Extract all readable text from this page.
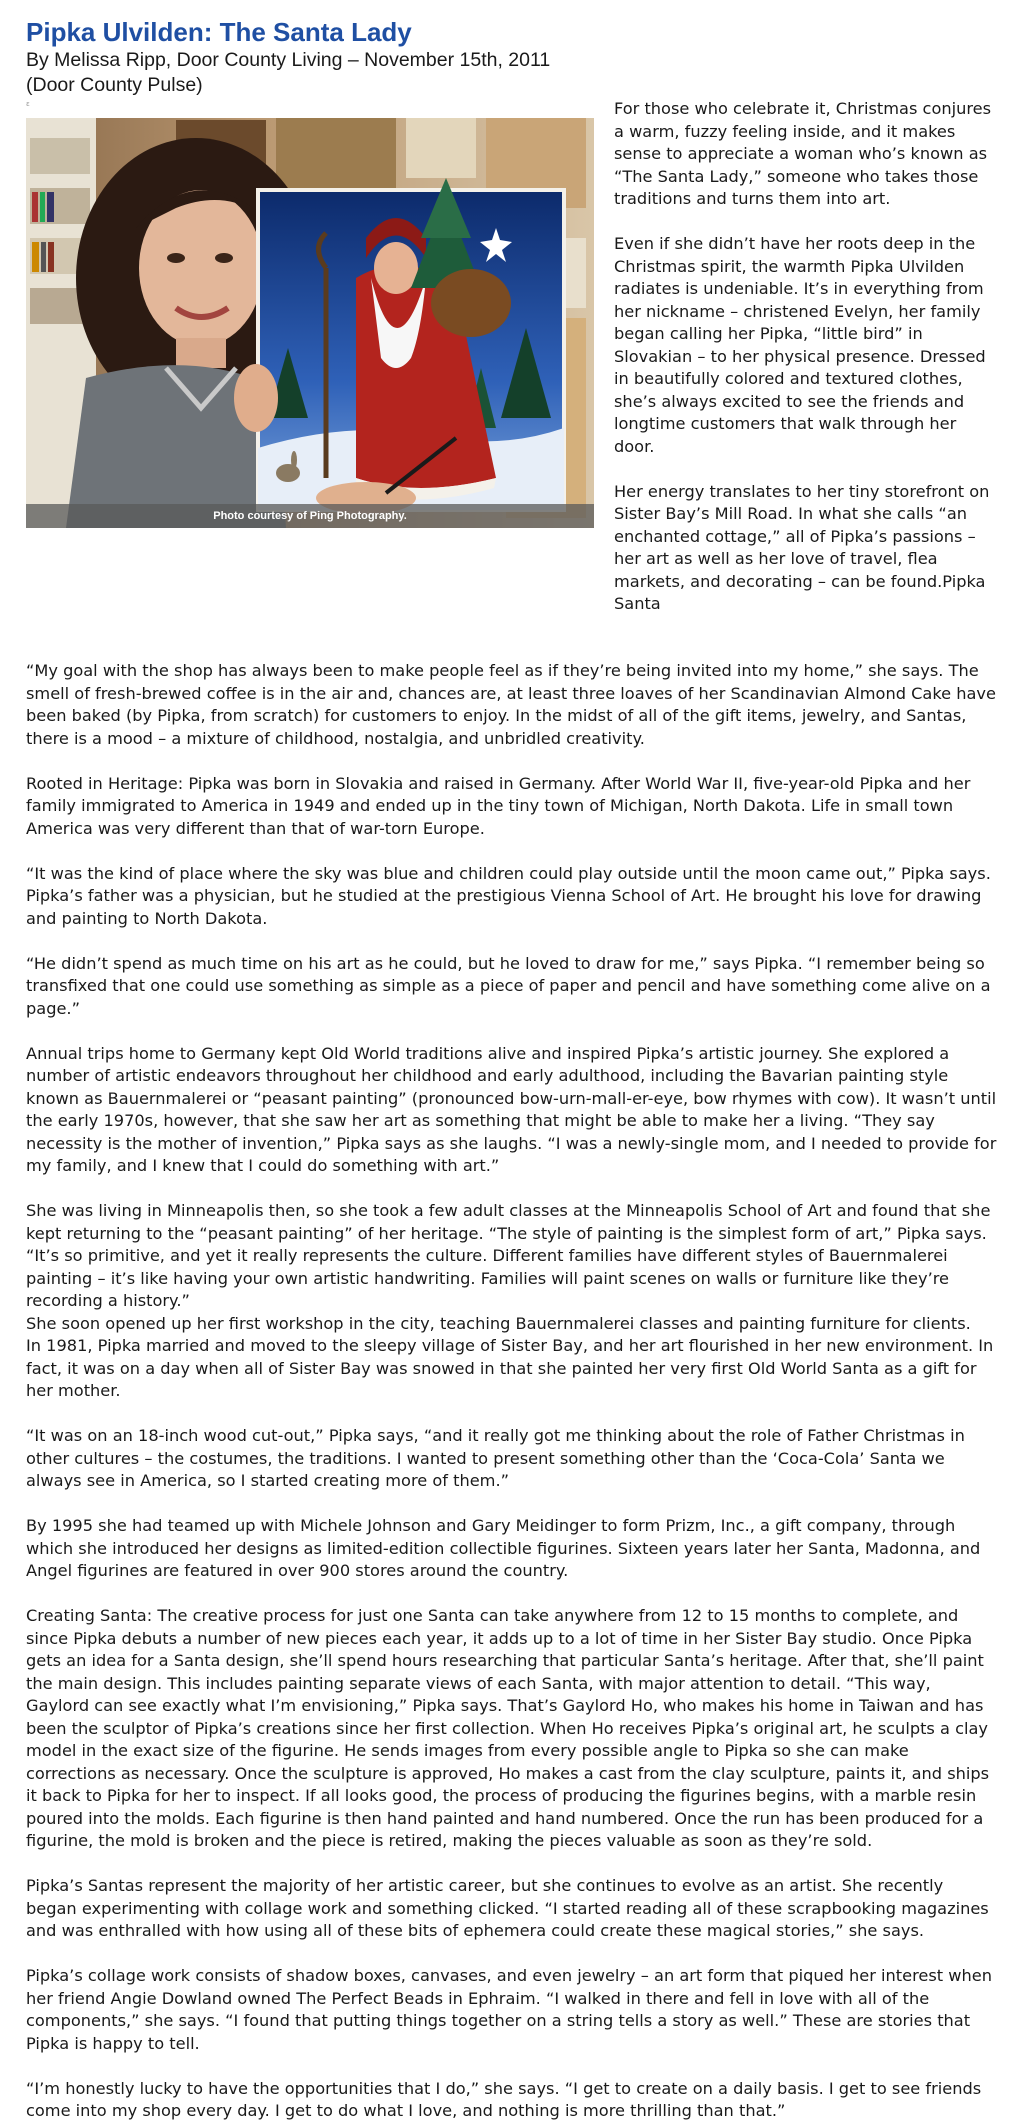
Pipka Ulvilden: The Santa Lady
By Melissa Ripp, Door County Living – November 15th, 2011
(Door County Pulse)
ε
Photo courtesy of Ping Photography.

For those who celebrate it, Christmas conjures a warm, fuzzy feeling inside, and it makes sense to appreciate a woman who’s known as “The Santa Lady,” someone who takes those traditions and turns them into art.

Even if she didn’t have her roots deep in the Christmas spirit, the warmth Pipka Ulvilden radiates is undeniable. It’s in everything from her nickname – christened Evelyn, her family began calling her Pipka, “little bird” in Slovakian – to her physical presence. Dressed in beautifully colored and textured clothes, she’s always excited to see the friends and longtime customers that walk through her door.

Her energy translates to her tiny storefront on Sister Bay’s Mill Road. In what she calls “an enchanted cottage,” all of Pipka’s passions – her art as well as her love of travel, flea markets, and decorating – can be found.Pipka Santa

“My goal with the shop has always been to make people feel as if they’re being invited into my home,” she says. The smell of fresh-brewed coffee is in the air and, chances are, at least three loaves of her Scandinavian Almond Cake have been baked (by Pipka, from scratch) for customers to enjoy. In the midst of all of the gift items, jewelry, and Santas, there is a mood – a mixture of childhood, nostalgia, and unbridled creativity.

Rooted in Heritage: Pipka was born in Slovakia and raised in Germany. After World War II, five-year-old Pipka and her family immigrated to America in 1949 and ended up in the tiny town of Michigan, North Dakota. Life in small town America was very different than that of war-torn Europe.

“It was the kind of place where the sky was blue and children could play outside until the moon came out,” Pipka says. Pipka’s father was a physician, but he studied at the prestigious Vienna School of Art. He brought his love for drawing and painting to North Dakota.

“He didn’t spend as much time on his art as he could, but he loved to draw for me,” says Pipka. “I remember being so transfixed that one could use something as simple as a piece of paper and pencil and have something come alive on a page.”

Annual trips home to Germany kept Old World traditions alive and inspired Pipka’s artistic journey. She explored a number of artistic endeavors throughout her childhood and early adulthood, including the Bavarian painting style known as Bauernmalerei or “peasant painting” (pronounced bow-urn-mall-er-eye, bow rhymes with cow). It wasn’t until the early 1970s, however, that she saw her art as something that might be able to make her a living. “They say necessity is the mother of invention,” Pipka says as she laughs. “I was a newly-single mom, and I needed to provide for my family, and I knew that I could do something with art.”

She was living in Minneapolis then, so she took a few adult classes at the Minneapolis School of Art and found that she kept returning to the “peasant painting” of her heritage. “The style of painting is the simplest form of art,” Pipka says. “It’s so primitive, and yet it really represents the culture. Different families have different styles of Bauernmalerei painting – it’s like having your own artistic handwriting. Families will paint scenes on walls or furniture like they’re recording a history.”
She soon opened up her first workshop in the city, teaching Bauernmalerei classes and painting furniture for clients.
In 1981, Pipka married and moved to the sleepy village of Sister Bay, and her art flourished in her new environment. In fact, it was on a day when all of Sister Bay was snowed in that she painted her very first Old World Santa as a gift for her mother.

“It was on an 18-inch wood cut-out,” Pipka says, “and it really got me thinking about the role of Father Christmas in other cultures – the costumes, the traditions. I wanted to present something other than the ‘Coca-Cola’ Santa we always see in America, so I started creating more of them.”

By 1995 she had teamed up with Michele Johnson and Gary Meidinger to form Prizm, Inc., a gift company, through which she introduced her designs as limited-edition collectible figurines. Sixteen years later her Santa, Madonna, and Angel figurines are featured in over 900 stores around the country.

Creating Santa: The creative process for just one Santa can take anywhere from 12 to 15 months to complete, and since Pipka debuts a number of new pieces each year, it adds up to a lot of time in her Sister Bay studio. Once Pipka gets an idea for a Santa design, she’ll spend hours researching that particular Santa’s heritage. After that, she’ll paint the main design. This includes painting separate views of each Santa, with major attention to detail. “This way, Gaylord can see exactly what I’m envisioning,” Pipka says. That’s Gaylord Ho, who makes his home in Taiwan and has been the sculptor of Pipka’s creations since her first collection. When Ho receives Pipka’s original art, he sculpts a clay model in the exact size of the figurine. He sends images from every possible angle to Pipka so she can make corrections as necessary. Once the sculpture is approved, Ho makes a cast from the clay sculpture, paints it, and ships it back to Pipka for her to inspect. If all looks good, the process of producing the figurines begins, with a marble resin poured into the molds. Each figurine is then hand painted and hand numbered. Once the run has been produced for a figurine, the mold is broken and the piece is retired, making the pieces valuable as soon as they’re sold.

Pipka’s Santas represent the majority of her artistic career, but she continues to evolve as an artist. She recently began experimenting with collage work and something clicked. “I started reading all of these scrapbooking magazines and was enthralled with how using all of these bits of ephemera could create these magical stories,” she says.

Pipka’s collage work consists of shadow boxes, canvases, and even jewelry – an art form that piqued her interest when her friend Angie Dowland owned The Perfect Beads in Ephraim. “I walked in there and fell in love with all of the components,” she says. “I found that putting things together on a string tells a story as well.” These are stories that Pipka is happy to tell.

“I’m honestly lucky to have the opportunities that I do,” she says. “I get to create on a daily basis. I get to see friends come into my shop every day. I get to do what I love, and nothing is more thrilling than that.”
